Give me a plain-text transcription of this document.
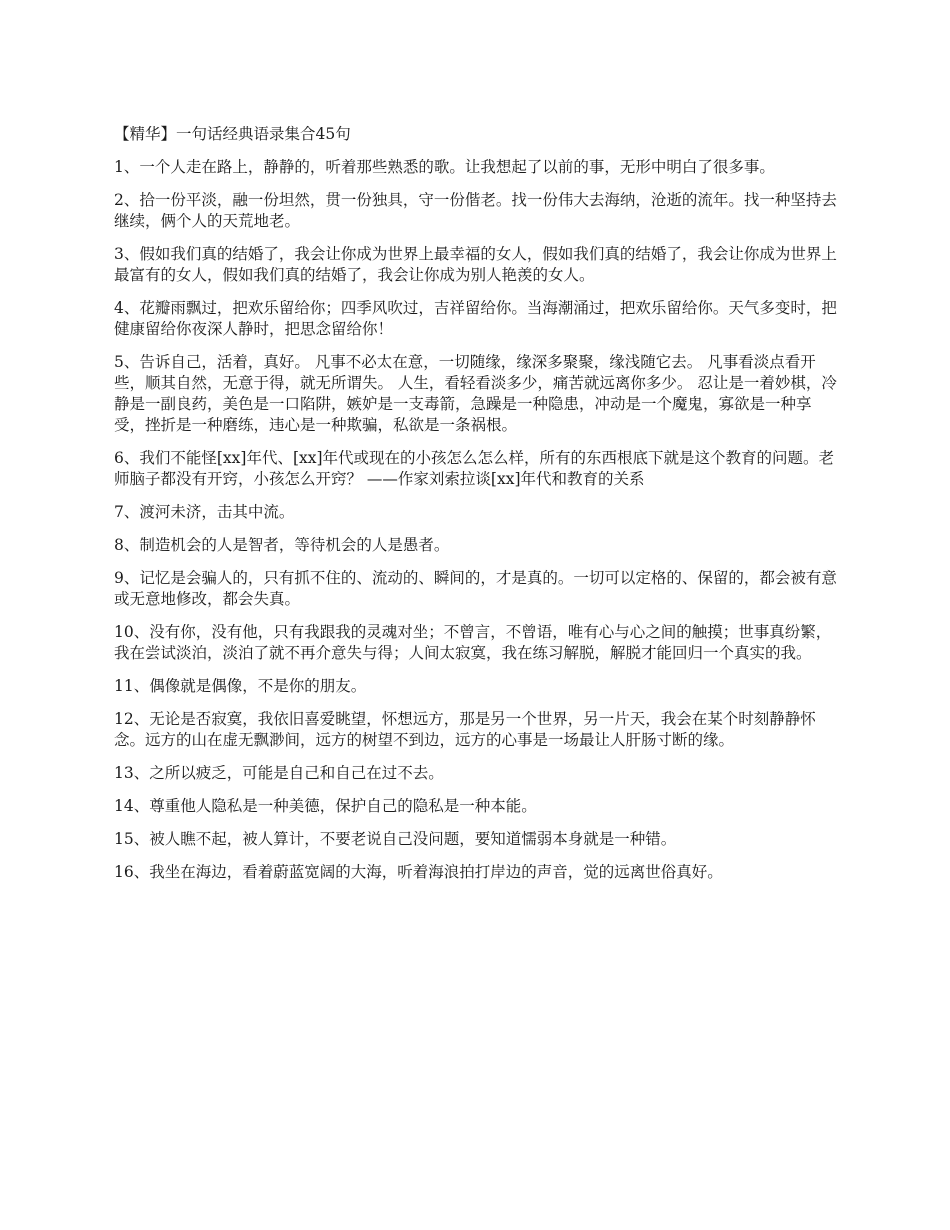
【精华】一句话经典语录集合45句

1、一个人走在路上，静静的，听着那些熟悉的歌。让我想起了以前的事，无形中明白了很多事。

2、拾一份平淡，融一份坦然，贯一份独具，守一份偕老。找一份伟大去海纳，沧逝的流年。找一种坚持去继续，俩个人的天荒地老。

3、假如我们真的结婚了，我会让你成为世界上最幸福的女人，假如我们真的结婚了，我会让你成为世界上最富有的女人，假如我们真的结婚了，我会让你成为别人艳羡的女人。

4、花瓣雨飘过，把欢乐留给你；四季风吹过，吉祥留给你。当海潮涌过，把欢乐留给你。天气多变时，把健康留给你夜深人静时，把思念留给你！

5、告诉自己，活着，真好。 凡事不必太在意，一切随缘，缘深多聚聚，缘浅随它去。 凡事看淡点看开些，顺其自然，无意于得，就无所谓失。 人生，看轻看淡多少，痛苦就远离你多少。 忍让是一着妙棋，冷静是一副良药，美色是一口陷阱，嫉妒是一支毒箭，急躁是一种隐患，冲动是一个魔鬼，寡欲是一种享受，挫折是一种磨练，违心是一种欺骗，私欲是一条祸根。

6、我们不能怪[xx]年代、[xx]年代或现在的小孩怎么怎么样，所有的东西根底下就是这个教育的问题。老师脑子都没有开窍，小孩怎么开窍？ ——作家刘索拉谈[xx]年代和教育的关系

7、渡河未济，击其中流。

8、制造机会的人是智者，等待机会的人是愚者。

9、记忆是会骗人的，只有抓不住的、流动的、瞬间的，才是真的。一切可以定格的、保留的，都会被有意或无意地修改，都会失真。

10、没有你，没有他，只有我跟我的灵魂对坐；不曾言，不曾语，唯有心与心之间的触摸；世事真纷繁，我在尝试淡泊，淡泊了就不再介意失与得；人间太寂寞，我在练习解脱，解脱才能回归一个真实的我。

11、偶像就是偶像，不是你的朋友。

12、无论是否寂寞，我依旧喜爱眺望，怀想远方，那是另一个世界，另一片天，我会在某个时刻静静怀念。远方的山在虚无飘渺间，远方的树望不到边，远方的心事是一场最让人肝肠寸断的缘。

13、之所以疲乏，可能是自己和自己在过不去。

14、尊重他人隐私是一种美德，保护自己的隐私是一种本能。

15、被人瞧不起，被人算计，不要老说自己没问题，要知道懦弱本身就是一种错。

16、我坐在海边，看着蔚蓝宽阔的大海，听着海浪拍打岸边的声音，觉的远离世俗真好。
